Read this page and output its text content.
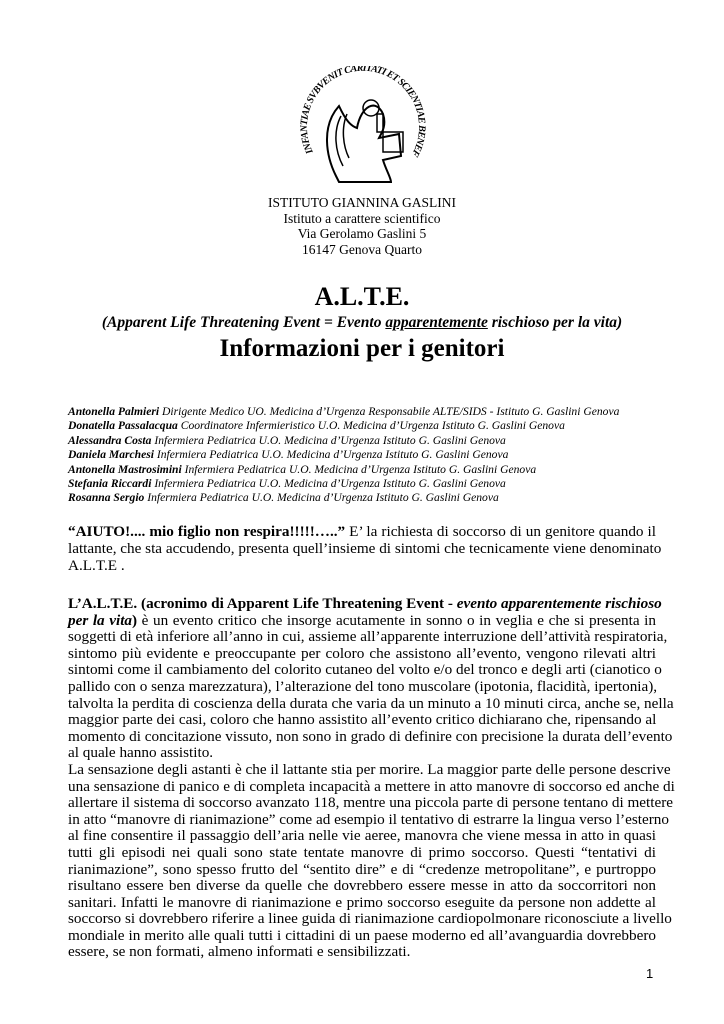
INFANTIAE SVBVENIT CARITATI ET SCIENTIAE BENEF
ISTITUTO GIANNINA GASLINI
Istituto a carattere scientifico
Via Gerolamo Gaslini 5
16147 Genova Quarto
A.L.T.E.
(Apparent Life Threatening Event = Evento apparentemente rischioso per la vita)
Informazioni per i genitori
Antonella Palmieri Dirigente Medico UO. Medicina d’Urgenza Responsabile ALTE/SIDS - Istituto G. Gaslini Genova
Donatella Passalacqua Coordinatore Infermieristico U.O. Medicina d’Urgenza Istituto G. Gaslini Genova
Alessandra Costa Infermiera Pediatrica U.O. Medicina d’Urgenza Istituto G. Gaslini Genova
Daniela Marchesi Infermiera Pediatrica U.O. Medicina d’Urgenza Istituto G. Gaslini Genova
Antonella Mastrosimini Infermiera Pediatrica U.O. Medicina d’Urgenza Istituto G. Gaslini Genova
Stefania Riccardi Infermiera Pediatrica U.O. Medicina d’Urgenza Istituto G. Gaslini Genova
Rosanna Sergio Infermiera Pediatrica U.O. Medicina d’Urgenza Istituto G. Gaslini Genova
“AIUTO!.... mio figlio non respira!!!!!…..” E’ la richiesta di soccorso di un genitore quando il
lattante, che sta accudendo, presenta quell’insieme di sintomi che tecnicamente viene denominato
A.L.T.E .
L’A.L.T.E. (acronimo di Apparent Life Threatening Event - evento apparentemente rischioso
per la vita) è un evento critico che insorge acutamente in sonno o in veglia e che si presenta in
soggetti di età inferiore all’anno in cui, assieme all’apparente interruzione dell’attività respiratoria,
sintomo più evidente e preoccupante per coloro che assistono all’evento, vengono rilevati altri
sintomi come il cambiamento del colorito cutaneo del volto e/o del tronco e degli arti (cianotico o
pallido con o senza marezzatura), l’alterazione del tono muscolare (ipotonia, flacidità, ipertonia),
talvolta la perdita di coscienza della durata che varia da un minuto a 10 minuti circa, anche se, nella
maggior parte dei casi, coloro che hanno assistito all’evento critico dichiarano che, ripensando al
momento di concitazione vissuto, non sono in grado di definire con precisione la durata dell’evento
al quale hanno assistito.
La sensazione degli astanti è che il lattante stia per morire. La maggior parte delle persone descrive
una sensazione di panico e di completa incapacità a mettere in atto manovre di soccorso ed anche di
allertare il sistema di soccorso avanzato 118, mentre una piccola parte di persone tentano di mettere
in atto “manovre di rianimazione” come ad esempio il tentativo di estrarre la lingua verso l’esterno
al fine consentire il passaggio dell’aria nelle vie aeree, manovra che viene messa in atto in quasi
tutti gli episodi nei quali sono state tentate manovre di primo soccorso. Questi “tentativi di
rianimazione”, sono spesso frutto del “sentito dire” e di “credenze metropolitane”, e purtroppo
risultano essere ben diverse da quelle che dovrebbero essere messe in atto da soccorritori non
sanitari. Infatti le manovre di rianimazione e primo soccorso eseguite da persone non addette al
soccorso si dovrebbero riferire a linee guida di rianimazione cardiopolmonare riconosciute a livello
mondiale in merito alle quali tutti i cittadini di un paese moderno ed all’avanguardia dovrebbero
essere, se non formati, almeno informati e sensibilizzati.
1
